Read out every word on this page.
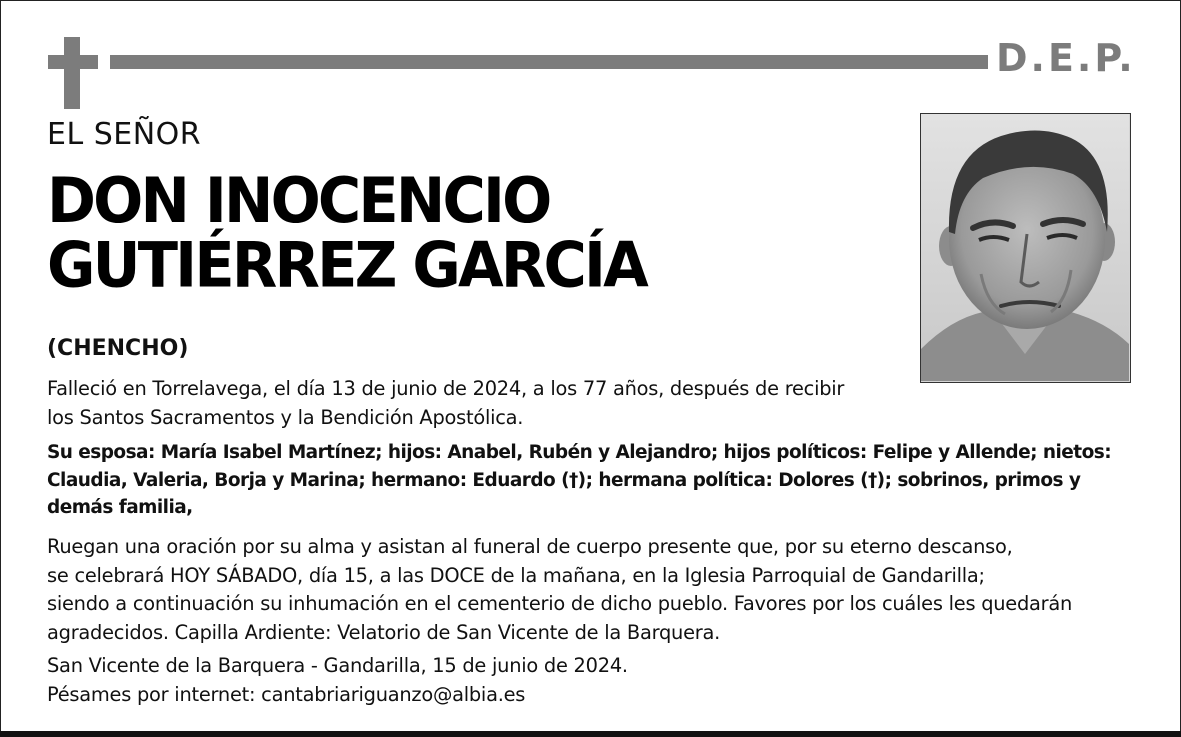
D.E.P.
EL SEÑOR
DON INOCENCIO
GUTIÉRREZ GARCÍA
(CHENCHO)
Falleció en Torrelavega, el día 13 de junio de 2024, a los 77 años, después de recibir
los Santos Sacramentos y la Bendición Apostólica.
Su esposa: María Isabel Martínez; hijos: Anabel, Rubén y Alejandro; hijos políticos: Felipe y Allende; nietos:
Claudia, Valeria, Borja y Marina; hermano: Eduardo (†); hermana política: Dolores (†); sobrinos, primos y
demás familia,
Ruegan una oración por su alma y asistan al funeral de cuerpo presente que, por su eterno descanso,
se celebrará HOY SÁBADO, día 15, a las DOCE de la mañana, en la Iglesia Parroquial de Gandarilla;
siendo a continuación su inhumación en el cementerio de dicho pueblo. Favores por los cuáles les quedarán
agradecidos. Capilla Ardiente: Velatorio de San Vicente de la Barquera.
San Vicente de la Barquera - Gandarilla, 15 de junio de 2024.
Pésames por internet: cantabriariguanzo@albia.es
